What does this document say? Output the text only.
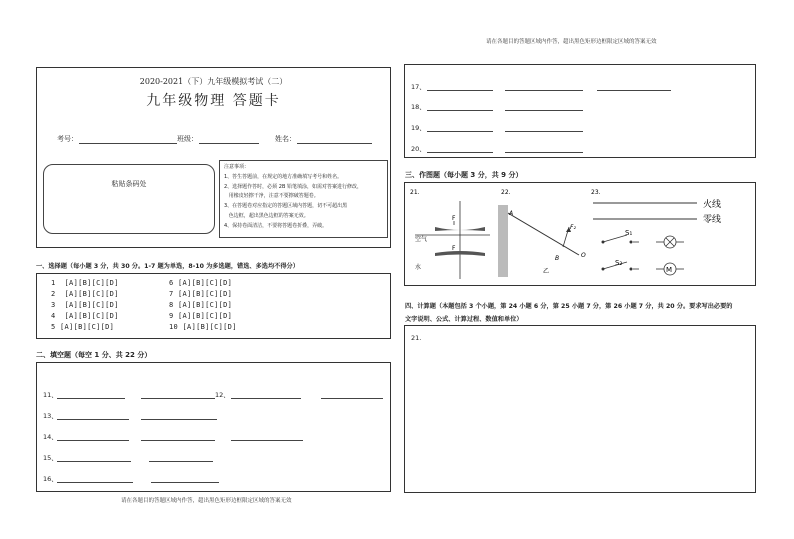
请在各题目的答题区域内作答，超出黑色矩形边框限定区域的答案无效
2020-2021（下）九年级模拟考试（二）
九年级物理 答题卡
考号：	班级：	姓名：
粘贴条码处
注意事项：
1、答生答题前，在规定的地方准确填写考号和姓名。
2、选择题作答时，必须 2B 铅笔填涂，如需对答案进行修改，
用橡皮轻擦干净，注意不要擦破答题卷。
3、在答题卷对应指定的答题区域内答题，切不可超出黑
色边框，超出黑色边框的答案无效。
4、保持卷面清洁，不要将答题卷折叠，弄破。
一、选择题（每小题 3 分，共 30 分。1-7 题为单选，8-10 为多选题，错选、多选均不得分）
1  [A][B][C][D]
2  [A][B][C][D]
3  [A][B][C][D]
4  [A][B][C][D]
5 [A][B][C][D]
6 [A][B][C][D]
7 [A][B][C][D]
8 [A][B][C][D]
9 [A][B][C][D]
10 [A][B][C][D]
二、填空题（每空 1 分、共 22 分）
11、	12、
13、
14、
15、
16、
请在各题目的答题区域内作答，超出黑色矩形边框限定区域的答案无效
17、
18、
19、
20、
三、作图题（每小题 3 分，共 9 分）
21.
F
F
空气
水
22.
A
B	O
F₂
乙
23.
火线
零线
S₁
S₂
M
四、计算题（本题包括 3 个小题，第 24 小题 6 分，第 25 小题 7 分，第 26 小题 7 分，共 20 分。要求写出必要的
文字说明、公式、计算过程、数值和单位）
21.
